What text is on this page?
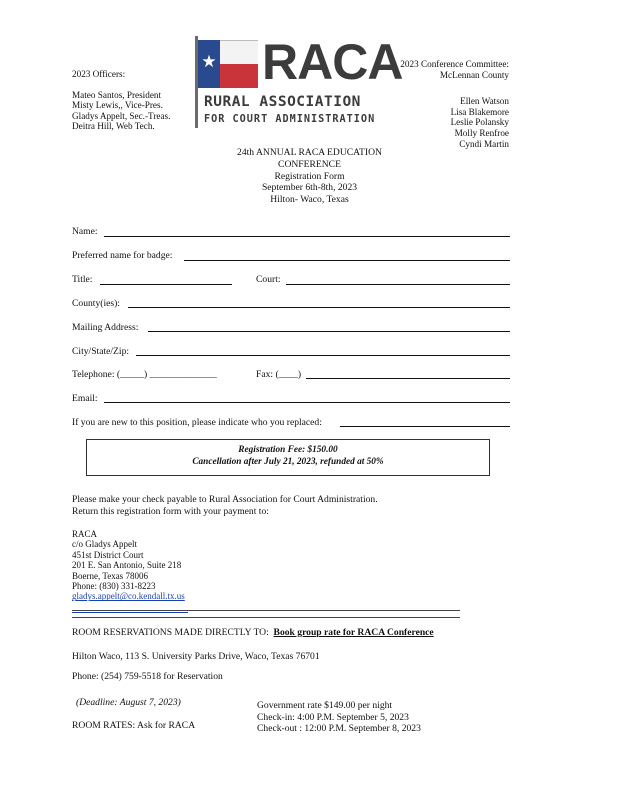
2023 Officers:
Mateo Santos, President
Misty Lewis,, Vice-Pres.
Gladys Appelt, Sec.-Treas.
Deitra Hill, Web Tech.
★ RACA
RURAL ASSOCIATION
FOR COURT ADMINISTRATION
2023 Conference Committee:
McLennan County
Ellen Watson
Lisa Blakemore
Leslie Polansky
Molly Renfroe
Cyndi Martin
24th ANNUAL RACA EDUCATION
CONFERENCE
Registration Form
September 6th-8th, 2023
Hilton- Waco, Texas
Name:
Preferred name for badge:
Title:	Court:
County(ies):
Mailing Address:
City/State/Zip:
Telephone: (_____) ______________	Fax: (____)
Email:
If you are new to this position, please indicate who you replaced:
Registration Fee: $150.00
Cancellation after July 21, 2023, refunded at 50%
Please make your check payable to Rural Association for Court Administration.
Return this registration form with your payment to:
RACA
c/o Gladys Appelt
451st District Court
201 E. San Antonio, Suite 218
Boerne, Texas 78006
Phone: (830) 331-8223
gladys.appelt@co.kendall.tx.us
ROOM RESERVATIONS MADE DIRECTLY TO: Book group rate for RACA Conference
Hilton Waco, 113 S. University Parks Drive, Waco, Texas 76701
Phone: (254) 759-5518 for Reservation
(Deadline: August 7, 2023)
ROOM RATES: Ask for RACA
Government rate $149.00 per night
Check-in: 4:00 P.M. September 5, 2023
Check-out : 12:00 P.M. September 8, 2023
